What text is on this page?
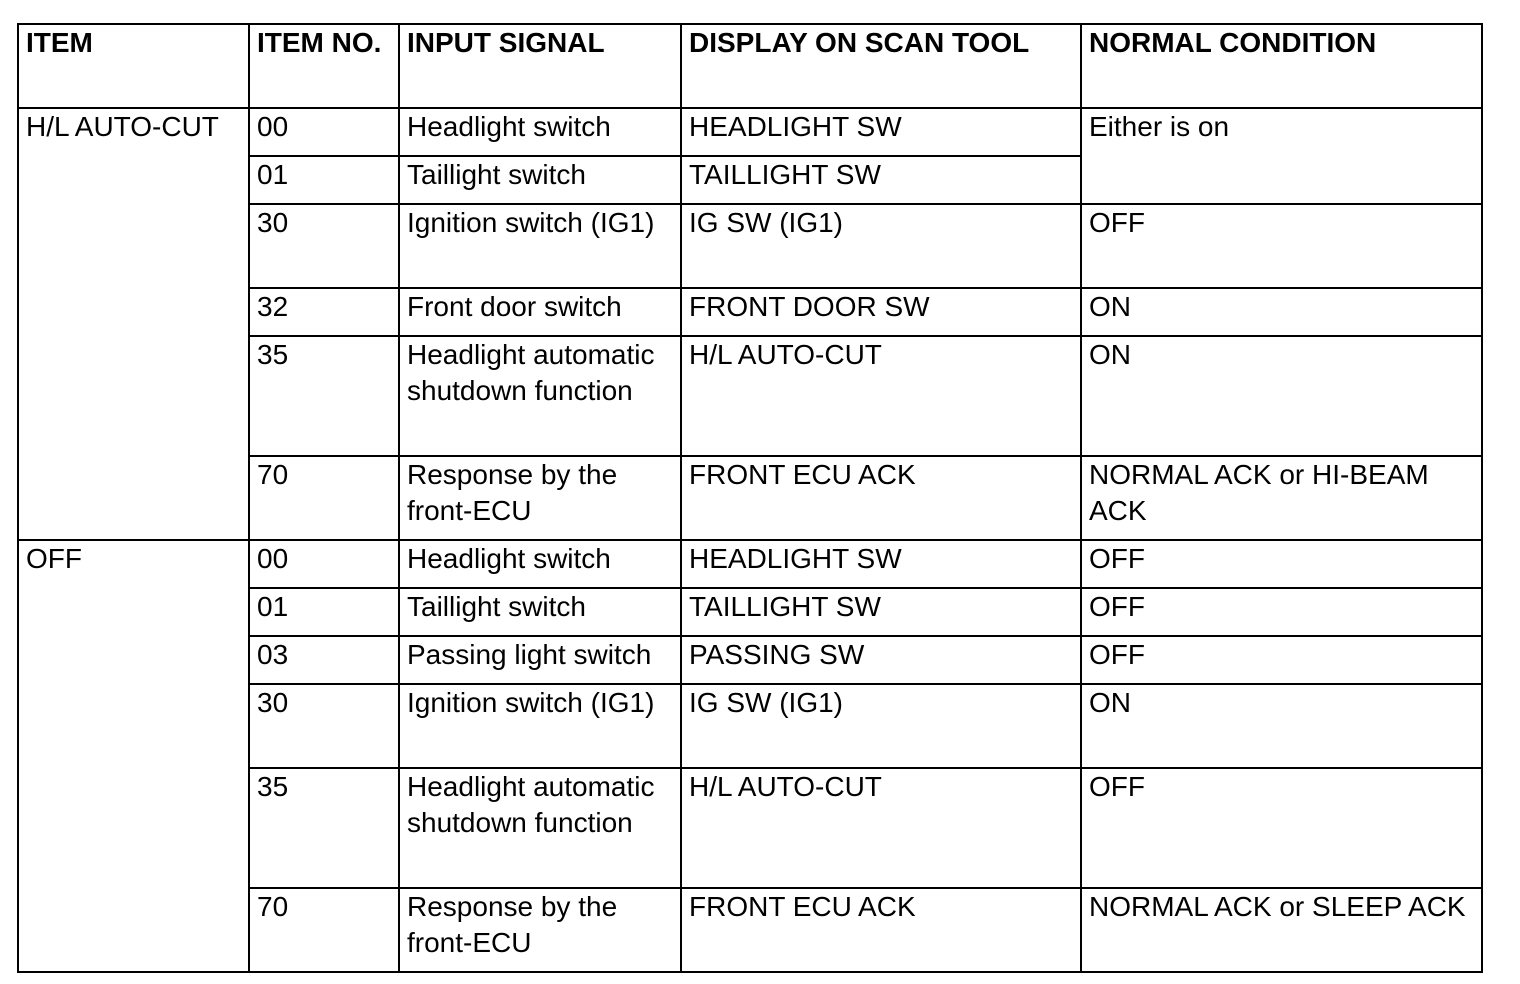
ITEM	ITEM NO.	INPUT SIGNAL	DISPLAY ON SCAN TOOL	NORMAL CONDITION
H/L AUTO-CUT	00	Headlight switch	HEADLIGHT SW	Either is on
	01	Taillight switch	TAILLIGHT SW	
	30	Ignition switch (IG1)	IG SW (IG1)	OFF
	32	Front door switch	FRONT DOOR SW	ON
	35	Headlight automatic shutdown function	H/L AUTO-CUT	ON
	70	Response by the front-ECU	FRONT ECU ACK	NORMAL ACK or HI-BEAM ACK
OFF	00	Headlight switch	HEADLIGHT SW	OFF
	01	Taillight switch	TAILLIGHT SW	OFF
	03	Passing light switch	PASSING SW	OFF
	30	Ignition switch (IG1)	IG SW (IG1)	ON
	35	Headlight automatic shutdown function	H/L AUTO-CUT	OFF
	70	Response by the front-ECU	FRONT ECU ACK	NORMAL ACK or SLEEP ACK
